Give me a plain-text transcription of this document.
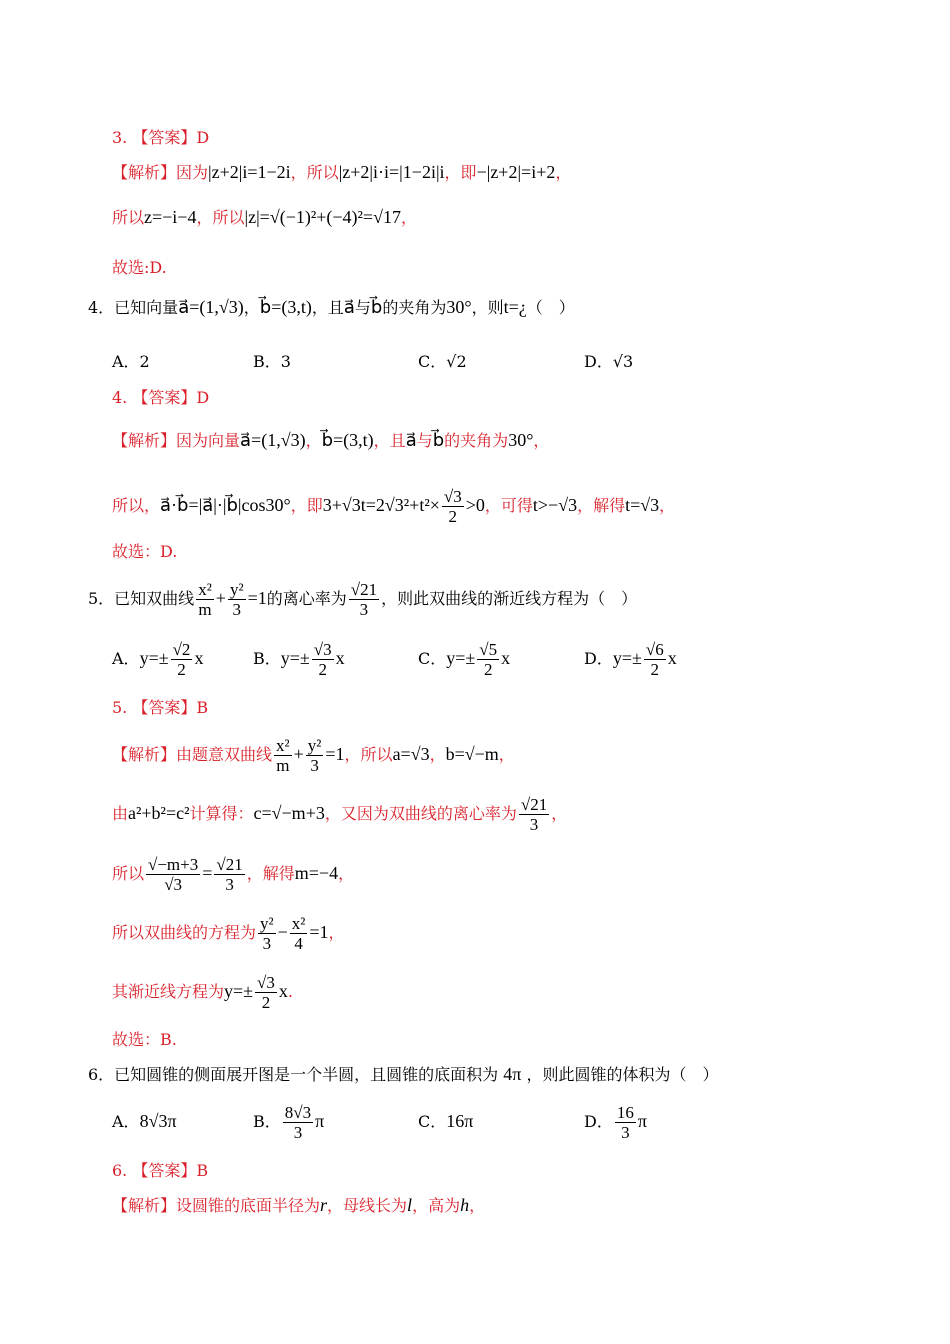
3. 【答案】D
【解析】因为|z+2|i=1−2i，所以|z+2|i·i=|1−2i|i，即−|z+2|=i+2，
所以z=−i−4，所以|z|=√(−1)²+(−4)²=√17，
故选:D.
4．已知向量a⃗=(1,√3)，b⃗=(3,t)，且a⃗与b⃗的夹角为30°，则t=¿（　）
A．2	B．3	C．√2	D．√3
4. 【答案】D
【解析】因为向量a⃗=(1,√3)，b⃗=(3,t)，且a⃗与b⃗的夹角为30°，
所以，a⃗·b⃗=|a⃗|·|b⃗|cos30°，即$3+√3t=2√3^2+t^2\times \frac{√3}{2} >0$，可得t>−√3，解得t=√3，
故选：D.
5．已知双曲线 $\frac{\text{x²}}{m} + \frac{\text{y²}}{3} =1$的离心率为 $\frac{√21}{3}$ ，则此双曲线的渐近线方程为（　）
A．$y=\pm \frac{√2}{2}$ x	B．$y=\pm \frac{√3}{2}$ x	C．$y=\pm \frac{√5}{2}$ x	D．$y=\pm \frac{√6}{2}$ x
5. 【答案】B
【解析】由题意双曲线 $\frac{\text{x²}}{m} + \frac{\text{y²}}{3} =1$，所以a=√3，b=√−m，
由a²+b²=c²计算得：c=√−m+3，又因为双曲线的离心率为 $\frac{√21}{3}$ ，
所以 $\frac{√-m+3}{√3} = \frac{√21}{3}$ ，解得m=−4，
所以双曲线的方程为 $\frac{\text{y²}}{3} - \frac{\text{x²}}{4} =1$，
其渐近线方程为$y=\pm \frac{√3}{2} x$.
故选：B.
6．已知圆锥的侧面展开图是一个半圆，且圆锥的底面积为 4π ，则此圆锥的体积为（　）
A．8√3π	B． $\frac{8√3}{3}$ π	C．16π	D． $\frac{16}{3}$ π
6. 【答案】B
【解析】设圆锥的底面半径为r，母线长为l，高为h，
